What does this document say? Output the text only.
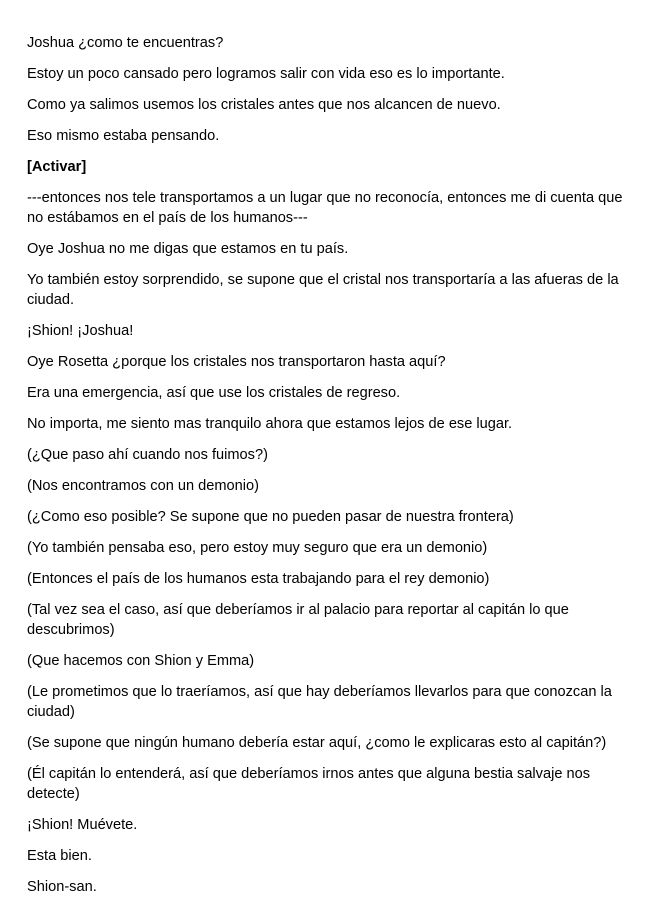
Joshua ¿como te encuentras?

Estoy un poco cansado pero logramos salir con vida eso es lo importante.

Como ya salimos usemos los cristales antes que nos alcancen de nuevo.

Eso mismo estaba pensando.

[Activar]

---entonces nos tele transportamos a un lugar que no reconocía, entonces me di cuenta que no estábamos en el país de los humanos---

Oye Joshua no me digas que estamos en tu país.

Yo también estoy sorprendido, se supone que el cristal nos transportaría a las afueras de la ciudad.

¡Shion! ¡Joshua!

Oye Rosetta ¿porque los cristales nos transportaron hasta aquí?

Era una emergencia, así que use los cristales de regreso.

No importa, me siento mas tranquilo ahora que estamos lejos de ese lugar.

(¿Que paso ahí cuando nos fuimos?)

(Nos encontramos con un demonio)

(¿Como eso posible? Se supone que no pueden pasar de nuestra frontera)

(Yo también pensaba eso, pero estoy muy seguro que era un demonio)

(Entonces el país de los humanos esta trabajando para el rey demonio)

(Tal vez sea el caso, así que deberíamos ir al palacio para reportar al capitán lo que descubrimos)

(Que hacemos con Shion y Emma)

(Le prometimos que lo traeríamos, así que hay deberíamos llevarlos para que conozcan la ciudad)

(Se supone que ningún humano debería estar aquí, ¿como le explicaras esto al capitán?)

(Él capitán lo entenderá, así que deberíamos irnos antes que alguna bestia salvaje nos detecte)

¡Shion! Muévete.

Esta bien.

Shion-san.
